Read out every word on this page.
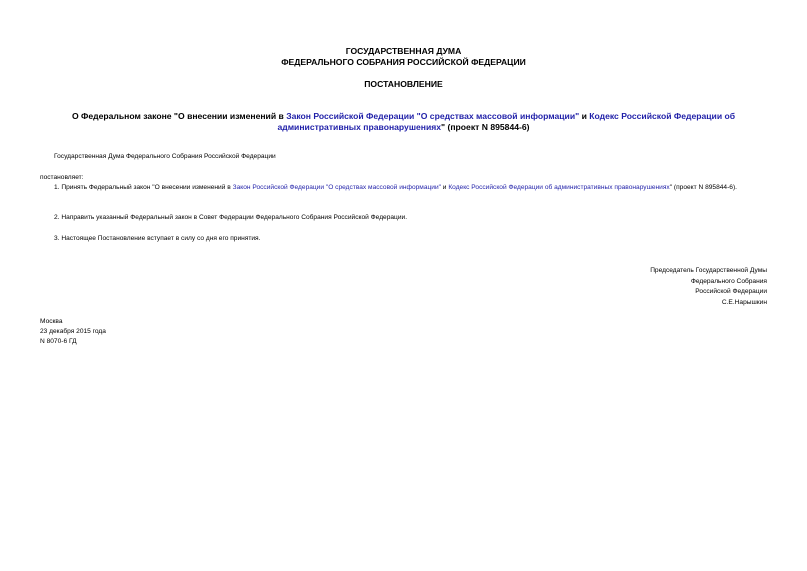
ГОСУДАРСТВЕННАЯ ДУМА
ФЕДЕРАЛЬНОГО СОБРАНИЯ РОССИЙСКОЙ ФЕДЕРАЦИИ
ПОСТАНОВЛЕНИЕ
О Федеральном законе "О внесении изменений в Закон Российской Федерации "О средствах массовой информации" и Кодекс Российской Федерации об административных правонарушениях" (проект N 895844-6)
Государственная Дума Федерального Собрания Российской Федерации
постановляет:
1. Принять Федеральный закон "О внесении изменений в Закон Российской Федерации "О средствах массовой информации" и Кодекс Российской Федерации об административных правонарушениях" (проект N 895844-6).
2. Направить указанный Федеральный закон в Совет Федерации Федерального Собрания Российской Федерации.
3. Настоящее Постановление вступает в силу со дня его принятия.
Председатель Государственной Думы
Федерального Собрания
Российской Федерации
С.Е.Нарышкин
Москва
23 декабря 2015 года
N 8070-6 ГД
